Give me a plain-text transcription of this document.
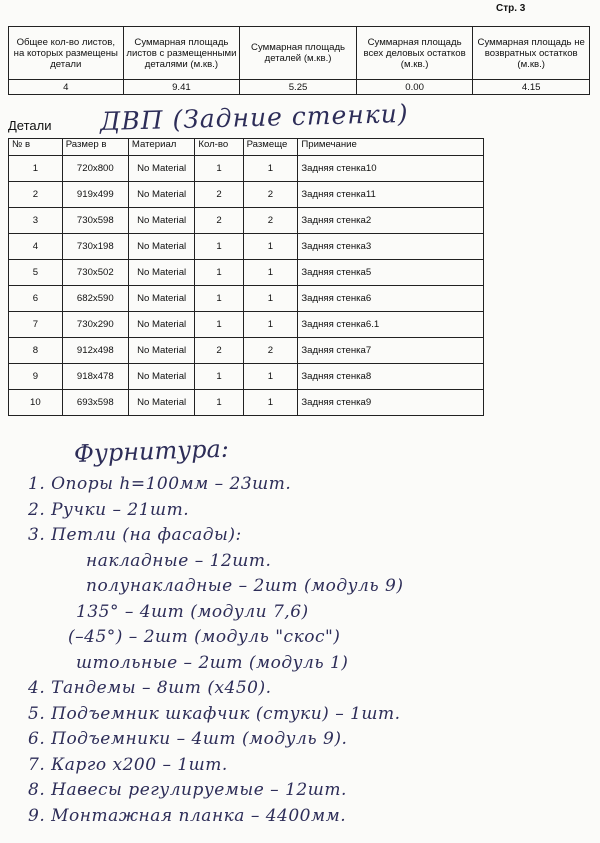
Стр. 3
Общее кол-во листов, на которых размещены детали	Суммарная площадь листов с размещенными деталями (м.кв.)	Суммарная площадь деталей (м.кв.)	Суммарная площадь всех деловых остатков (м.кв.)	Суммарная площадь не возвратных остатков (м.кв.)
4	9.41	5.25	0.00	4.15
Детали ДВП (Задние стенки)
№ в	Размер в	Материал	Кол-во	Размеще	Примечание
1	720x800	No Material	1	1	Задняя стенка10
2	919x499	No Material	2	2	Задняя стенка11
3	730x598	No Material	2	2	Задняя стенка2
4	730x198	No Material	1	1	Задняя стенка3
5	730x502	No Material	1	1	Задняя стенка5
6	682x590	No Material	1	1	Задняя стенка6
7	730x290	No Material	1	1	Задняя стенка6.1
8	912x498	No Material	2	2	Задняя стенка7
9	918x478	No Material	1	1	Задняя стенка8
10	693x598	No Material	1	1	Задняя стенка9
Фурнитура:
1. Опоры h=100мм – 23шт.
2. Ручки – 21шт.
3. Петли (на фасады):
накладные – 12шт.
полунакладные – 2шт (модуль 9)
135° – 4шт (модули 7,6)
(–45°) – 2шт (модуль "скос")
штольные – 2шт (модуль 1)
4. Тандемы – 8шт (х450).
5. Подъемник шкафчик (стуки) – 1шт.
6. Подъемники – 4шт (модуль 9).
7. Карго х200 – 1шт.
8. Навесы регулируемые – 12шт.
9. Монтажная планка – 4400мм.
